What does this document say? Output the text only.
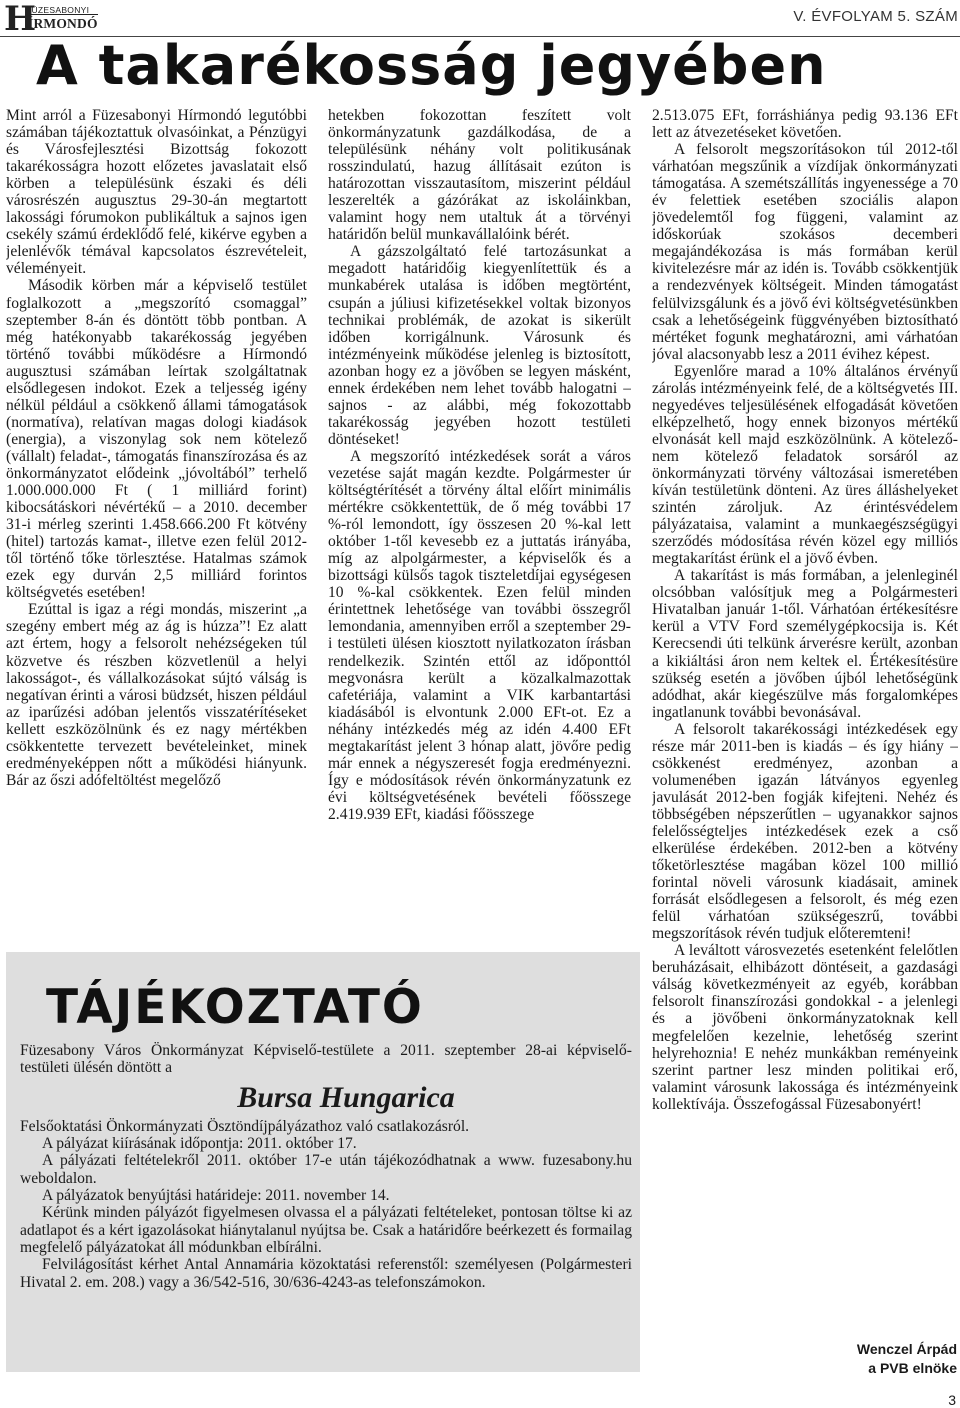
H
FÜZESABONYI
ÍRMONDÓ	V. ÉVFOLYAM 5. SZÁM
A takarékosság jegyében

Mint arról a Füzesabonyi Hírmondó legutóbbi számában tájékoztattuk olvasóinkat, a Pénzügyi és Városfejlesztési Bizottság fokozott takarékosságra hozott előzetes javaslatait első körben a településünk északi és déli városrészén augusztus 29-30-án megtartott lakossági fórumokon publikáltuk a sajnos igen csekély számú érdeklődő felé, kikérve egyben a jelenlévők témával kapcsolatos észrevételeit, véleményeit.

Második körben már a képviselő testület foglalkozott a „megszorító csomaggal” szeptember 8-án és döntött több pontban. A még hatékonyabb takarékosság jegyében történő további működésre a Hírmondó augusztusi számában leírtak szolgáltatnak elsődlegesen indokot. Ezek a teljesség igény nélkül például a csökkenő állami támogatások (normatíva), relatívan magas dologi kiadások (energia), a viszonylag sok nem kötelező (vállalt) feladat-, támogatás finanszírozása és az önkormányzatot elődeink „jóvoltából” terhelő 1.000.000.000 Ft ( 1 milliárd forint) kibocsátáskori névértékű – a 2010. december 31-i mérleg szerinti 1.458.666.200 Ft kötvény (hitel) tartozás kamat-, illetve ezen felül 2012-től történő tőke törlesztése. Hatalmas számok ezek egy durván 2,5 milliárd forintos költségvetés esetében!

Ezúttal is igaz a régi mondás, miszerint „a szegény embert még az ág is húzza”! Ez alatt azt értem, hogy a felsorolt nehézségeken túl közvetve és részben közvetlenül a helyi lakosságot-, és vállalkozásokat sújtó válság is negatívan érinti a városi büdzsét, hiszen például az iparűzési adóban jelentős visszatérítéseket kellett eszközölnünk és ez nagy mértékben csökkentette tervezett bevételeinket, minek eredményeképpen nőtt a működési hiányunk. Bár az őszi adófeltöltést megelőző

hetekben fokozottan feszített volt önkormányzatunk gazdálkodása, de a településünk néhány volt politikusának rosszindulatú, hazug állításait ezúton is határozottan visszautasítom, miszerint például leszerelték a gázórákat az iskoláinkban, valamint hogy nem utaltuk át a törvényi határidőn belül munkavállalóink bérét.

A gázszolgáltató felé tartozásunkat a megadott határidőig kiegyenlítettük és a munkabérek utalása is időben megtörtént, csupán a júliusi kifizetésekkel voltak bizonyos technikai problémák, de azokat is sikerült időben korrigálnunk. Városunk és intézményeink működése jelenleg is biztosított, azonban hogy ez a jövőben se legyen másként, ennek érdekében nem lehet tovább halogatni – sajnos - az alábbi, még fokozottabb takarékosság jegyében hozott testületi döntéseket!

A megszorító intézkedések sorát a város vezetése saját magán kezdte. Polgármester úr költségtérítését a törvény által előírt minimális mértékre csökkentettük, de ő még további 17 %-ról lemondott, így összesen 20 %-kal lett október 1-től kevesebb ez a juttatás irányába, míg az alpolgármester, a képviselők és a bizottsági külsős tagok tiszteletdíjai egységesen 10 %-kal csökkentek. Ezen felül minden érintettnek lehetősége van további összegről lemondania, amennyiben erről a szeptember 29-i testületi ülésen kiosztott nyilatkozaton írásban rendelkezik. Szintén ettől az időponttól megvonásra került a közalkalmazottak cafetériája, valamint a VIK karbantartási kiadásából is elvontunk 2.000 EFt-ot. Ez a néhány intézkedés még az idén 4.400 EFt megtakarítást jelent 3 hónap alatt, jövőre pedig már ennek a négyszeresét fogja eredményezni. Így e módosítások révén önkormányzatunk ez évi költségvetésének bevételi főösszege 2.419.939 EFt, kiadási főösszege

2.513.075 EFt, forráshiánya pedig 93.136 EFt lett az átvezetéseket követően.

A felsorolt megszorításokon túl 2012-től várhatóan megszűnik a vízdíjak önkormányzati támogatása. A szemétszállítás ingyenessége a 70 év felettiek esetében szociális alapon jövedelemtől fog függeni, valamint az időskorúak szokásos decemberi megajándékozása is más formában kerül kivitelezésre már az idén is. Tovább csökkentjük a rendezvények költségeit. Minden támogatást felülvizsgálunk és a jövő évi költségvetésünkben csak a lehetőségeink függvényében biztosítható mértéket fogunk meghatározni, ami várhatóan jóval alacsonyabb lesz a 2011 évihez képest.

Egyenlőre marad a 10% általános érvényű zárolás intézményeink felé, de a költségvetés III. negyedéves teljesülésének elfogadását követően elképzelhető, hogy ennek bizonyos mértékű elvonását kell majd eszközölnünk. A kötelező-nem kötelező feladatok sorsáról az önkormányzati törvény változásai ismeretében kíván testületünk dönteni. Az üres álláshelyeket szintén zároljuk. Az érintésvédelem pályázataisa, valamint a munkaegészségügyi szerződés módosítása révén közel egy milliós megtakarítást érünk el a jövő évben.

A takarítást is más formában, a jelenleginél olcsóbban valósítjuk meg a Polgármesteri Hivatalban január 1-től. Várhatóan értékesítésre kerül a VTV Ford személygépkocsija is. Két Kerecsendi úti telkünk árverésre került, azonban a kikiáltási áron nem keltek el. Értékesítésüre szükség esetén a jövőben újból lehetőségünk adódhat, akár kiegészülve más forgalomképes ingatlanunk további bevonásával.

A felsorolt takarékossági intézkedések egy része már 2011-ben is kiadás – és így hiány – csökkenést eredményez, azonban a volumenében igazán látványos egyenleg javulását 2012-ben fogják kifejteni. Nehéz és többségében népszerűtlen – ugyanakkor sajnos felelősségteljes intézkedések ezek a cső elkerülése érdekében. 2012-ben a kötvény tőketörlesztése magában közel 100 millió forintal növeli városunk kiadásait, aminek forrását elsődlegesen a felsorolt, és még ezen felül várhatóan szükségeszrű, további megszorítások révén tudjuk előteremteni!

A leváltott városvezetés esetenként felelőtlen beruházásait, elhibázott döntéseit, a gazdasági válság következményeit az egyéb, korábban felsorolt finanszírozási gondokkal - a jelenlegi és a jövőbeni önkormányzatoknak kell megfelelően kezelnie, lehetőség szerint helyrehozniа! E nehéz munkákban reményeink szerint partner lesz minden politikai erő, valamint városunk lakossága és intézményeink kollektívája. Összefogással Füzesabonyért!

Wenczel Árpád
a PVB elnöke
TÁJÉKOZTATÓ

Füzesabony Város Önkormányzat Képviselő-testülete a 2011. szeptember 28-ai képviselő-testületi ülésén döntött a

Bursa Hungarica

Felsőoktatási Önkormányzati Ösztöndíjpályázathoz való csatlakozásról.

A pályázat kiírásának időpontja: 2011. október 17.

A pályázati feltételekről 2011. október 17-e után tájékozódhatnak a www. fuzesabony.hu weboldalon.

A pályázatok benyújtási határideje: 2011. november 14.

Kérünk minden pályázót figyelmesen olvassa el a pályázati feltételeket, pontosan töltse ki az adatlapot és a kért igazolásokat hiánytalanul nyújtsa be. Csak a határidőre beérkezett és formailag megfelelő pályázatokat áll módunkban elbírálni.

Felvilágosítást kérhet Antal Annamária közoktatási referenstől: személyesen (Polgármesteri Hivatal 2. em. 208.) vagy a 36/542-516, 30/636-4243-as telefonszámokon.

3
